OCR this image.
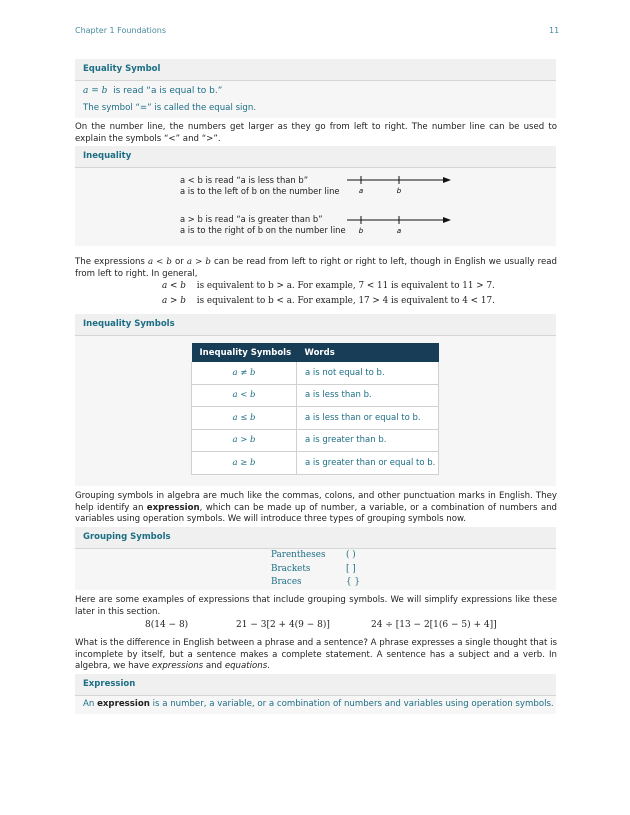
Chapter 1 Foundations	11
Equality Symbol
a = b is read “a is equal to b.”
The symbol “=” is called the equal sign.
On the number line, the numbers get larger as they go from left to right. The number line can be used to explain the symbols “<” and “>”.
Inequality
a < b is read “a is less than b”
a is to the left of b on the number line
a > b is read “a is greater than b”
a is to the right of b on the number line
a	b
b	a
The expressions a < b or a > b can be read from left to right or right to left, though in English we usually read from left to right. In general,
a < b is equivalent to b > a. For example, 7 < 11 is equivalent to 11 > 7.
a > b is equivalent to b < a. For example, 17 > 4 is equivalent to 4 < 17.
Inequality Symbols
Inequality Symbols	Words
a ≠ b	a is not equal to b.
a < b	a is less than b.
a ≤ b	a is less than or equal to b.
a > b	a is greater than b.
a ≥ b	a is greater than or equal to b.
Grouping symbols in algebra are much like the commas, colons, and other punctuation marks in English. They help identify an expression, which can be made up of number, a variable, or a combination of numbers and variables using operation symbols. We will introduce three types of grouping symbols now.
Grouping Symbols
Parentheses ( )
Brackets	[ ]
Braces	{ }
Here are some examples of expressions that include grouping symbols. We will simplify expressions like these later in this section.
8(14 − 8)	21 − 3[2 + 4(9 − 8)]	24 ÷ [13 − 2[1(6 − 5) + 4]]
What is the difference in English between a phrase and a sentence? A phrase expresses a single thought that is incomplete by itself, but a sentence makes a complete statement. A sentence has a subject and a verb. In algebra, we have expressions and equations.
Expression
An expression is a number, a variable, or a combination of numbers and variables using operation symbols.
